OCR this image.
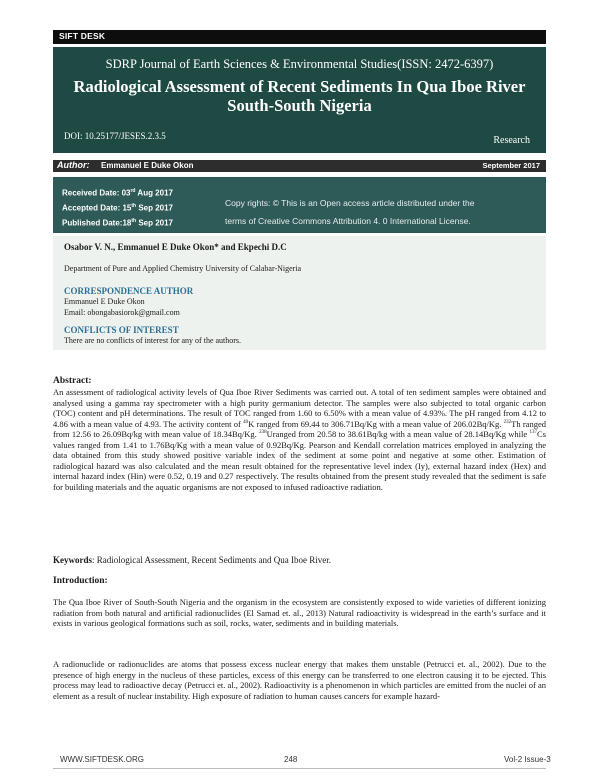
SIFT DESK
SDRP Journal of Earth Sciences & Environmental Studies(ISSN: 2472-6397)
Radiological Assessment of Recent Sediments In Qua Iboe River
South-South Nigeria
DOI: 10.25177/JESES.2.3.5	Research
Author: Emmanuel E Duke Okon	September 2017
Received Date: 03rd Aug 2017
Accepted Date: 15th Sep 2017
Published Date:18th Sep 2017
Copy rights: © This is an Open access article distributed under the
terms of Creative Commons Attribution 4. 0 International License.
Osabor V. N., Emmanuel E Duke Okon* and Ekpechi D.C
Department of Pure and Applied Chemistry University of Calabar-Nigeria
CORRESPONDENCE AUTHOR
Emmanuel E Duke Okon
Email: obongabasiorok@gmail.com
CONFLICTS OF INTEREST
There are no conflicts of interest for any of the authors.
Abstract:
An assessment of radiological activity levels of Qua Iboe River Sediments was carried out. A total of ten sediment samples were obtained and analysed using a gamma ray spectrometer with a high purity germanium detector. The samples were also subjected to total organic carbon (TOC) content and pH determinations. The result of TOC ranged from 1.60 to 6.50% with a mean value of 4.93%. The pH ranged from 4.12 to 4.86 with a mean value of 4.93. The activity content of $^{40}$K ranged from 69.44 to 306.71Bq/Kg with a mean value of 206.02Bq/Kg. $^{232}$Th ranged from 12.56 to 26.09Bq/kg with mean value of 18.34Bq/Kg. $^{238}$Uranged from 20.58 to 38.61Bq/kg with a mean value of 28.14Bq/Kg while $^{137}$Cs values ranged from 1.41 to 1.76Bq/Kg with a mean value of 0.92Bq/Kg. Pearson and Kendall correlation matrices employed in analyzing the data obtained from this study showed positive variable index of the sediment at some point and negative at some other. Estimation of radiological hazard was also calculated and the mean result obtained for the representative level index (Iy), external hazard index (Hex) and internal hazard index (Hin) were 0.52, 0.19 and 0.27 respectively. The results obtained from the present study revealed that the sediment is safe for building materials and the aquatic organisms are not exposed to infused radioactive radiation.
Keywords: Radiological Assessment, Recent Sediments and Qua Iboe River.
Introduction:
The Qua Iboe River of South-South Nigeria and the organism in the ecosystem are consistently exposed to wide varieties of different ionizing radiation from both natural and artificial radionuclides (El Samad et. al., 2013) Natural radioactivity is widespread in the earth’s surface and it exists in various geological formations such as soil, rocks, water, sediments and in building materials.
A radionuclide or radionuclides are atoms that possess excess nuclear energy that makes them unstable (Petrucci et. al., 2002). Due to the presence of high energy in the nucleus of these particles, excess of this energy can be transferred to one electron causing it to be ejected. This process may lead to radioactive decay (Petrucci et. al., 2002). Radioactivity is a phenomenon in which particles are emitted from the nuclei of an element as a result of nuclear instability. High exposure of radiation to human causes cancers for example hazard-
WWW.SIFTDESK.ORG	248	Vol-2 Issue-3
